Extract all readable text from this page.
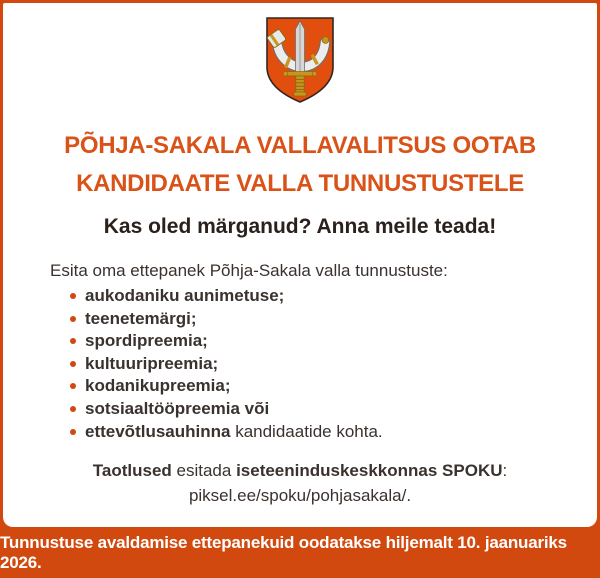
PÕHJA-SAKALA VALLAVALITSUS OOTAB
KANDIDAATE VALLA TUNNUSTUSTELE
Kas oled märganud? Anna meile teada!
Esita oma ettepanek Põhja-Sakala valla tunnustuste:
aukodaniku aunimetuse;
teenetemärgi;
spordipreemia;
kultuuripreemia;
kodanikupreemia;
sotsiaaltööpreemia või
ettevõtlusauhinna kandidaatide kohta.
Taotlused esitada iseteeninduskeskkonnas SPOKU:
piksel.ee/spoku/pohjasakala/.
Tunnustuse avaldamise ettepanekuid oodatakse hiljemalt 10. jaanuariks 2026.
